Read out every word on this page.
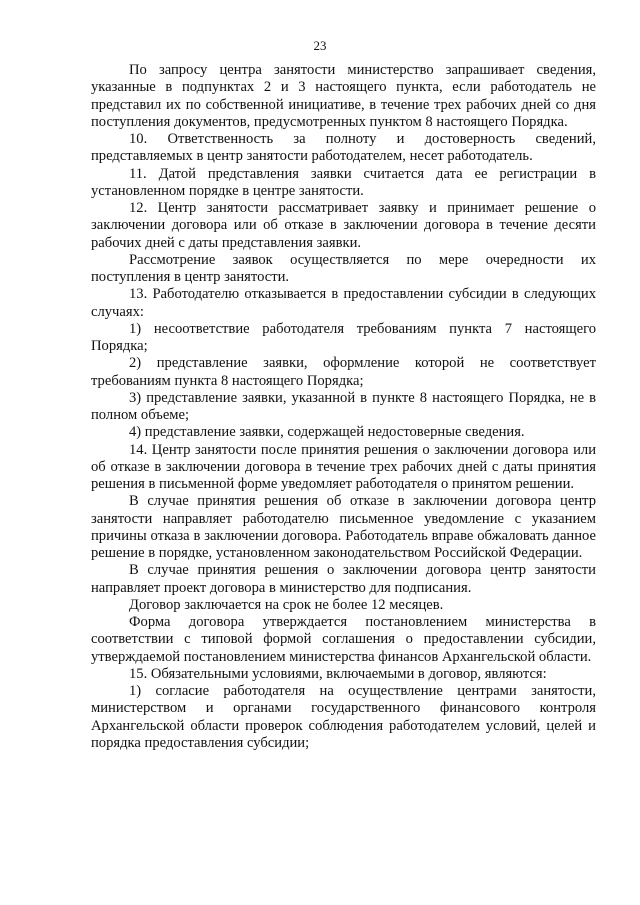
23

По запросу центра занятости министерство запрашивает сведения, указанные в подпунктах 2 и 3 настоящего пункта, если работодатель не представил их по собственной инициативе, в течение трех рабочих дней со дня поступления документов, предусмотренных пунктом 8 настоящего Порядка.

10. Ответственность за полноту и достоверность сведений, представляемых в центр занятости работодателем, несет работодатель.

11. Датой представления заявки считается дата ее регистрации в установленном порядке в центре занятости.

12. Центр занятости рассматривает заявку и принимает решение о заключении договора или об отказе в заключении договора в течение десяти рабочих дней с даты представления заявки.

Рассмотрение заявок осуществляется по мере очередности их поступления в центр занятости.

13. Работодателю отказывается в предоставлении субсидии в следующих случаях:

1) несоответствие работодателя требованиям пункта 7 настоящего Порядка;

2) представление заявки, оформление которой не соответствует требованиям пункта 8 настоящего Порядка;

3) представление заявки, указанной в пункте 8 настоящего Порядка, не в полном объеме;

4) представление заявки, содержащей недостоверные сведения.

14. Центр занятости после принятия решения о заключении договора или об отказе в заключении договора в течение трех рабочих дней с даты принятия решения в письменной форме уведомляет работодателя о принятом решении.

В случае принятия решения об отказе в заключении договора центр занятости направляет работодателю письменное уведомление с указанием причины отказа в заключении договора. Работодатель вправе обжаловать данное решение в порядке, установленном законодательством Российской Федерации.

В случае принятия решения о заключении договора центр занятости направляет проект договора в министерство для подписания.

Договор заключается на срок не более 12 месяцев.

Форма договора утверждается постановлением министерства в соответствии с типовой формой соглашения о предоставлении субсидии, утверждаемой постановлением министерства финансов Архангельской области.

15. Обязательными условиями, включаемыми в договор, являются:

1) согласие работодателя на осуществление центрами занятости, министерством и органами государственного финансового контроля Архангельской области проверок соблюдения работодателем условий, целей и порядка предоставления субсидии;
